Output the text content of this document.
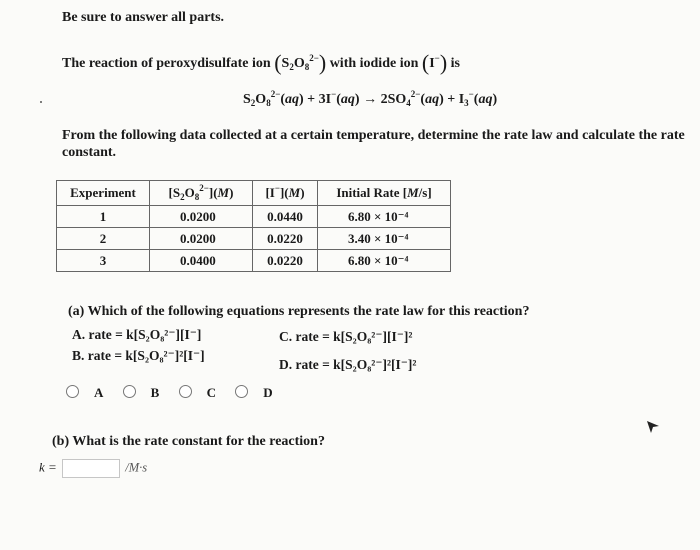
Be sure to answer all parts.
The reaction of peroxydisulfate ion $(S_2O_8^{2-})$ with iodide ion (I−) is
$S_2O_8^{2-}(aq) + 3I^-(aq) \to 2SO_4^{2-}(aq) + I_3^-(aq)$
From the following data collected at a certain temperature, determine the rate law and calculate the rate constant.
Experiment	$[S_2O_8^{2-}](M)$	[I−](M)	Initial Rate [M/s]
1	0.0200	0.0440	6.80 × 10⁻⁴
2	0.0200	0.0220	3.40 × 10⁻⁴
3	0.0400	0.0220	6.80 × 10⁻⁴
(a) Which of the following equations represents the rate law for this reaction?
A. rate = k[S₂O₈²⁻][I⁻]
B. rate = k[S₂O₈²⁻]²[I⁻]
C. rate = k[S₂O₈²⁻][I⁻]²
D. rate = k[S₂O₈²⁻]²[I⁻]²
A	B	C	D
(b) What is the rate constant for the reaction?
k =	/M·s
